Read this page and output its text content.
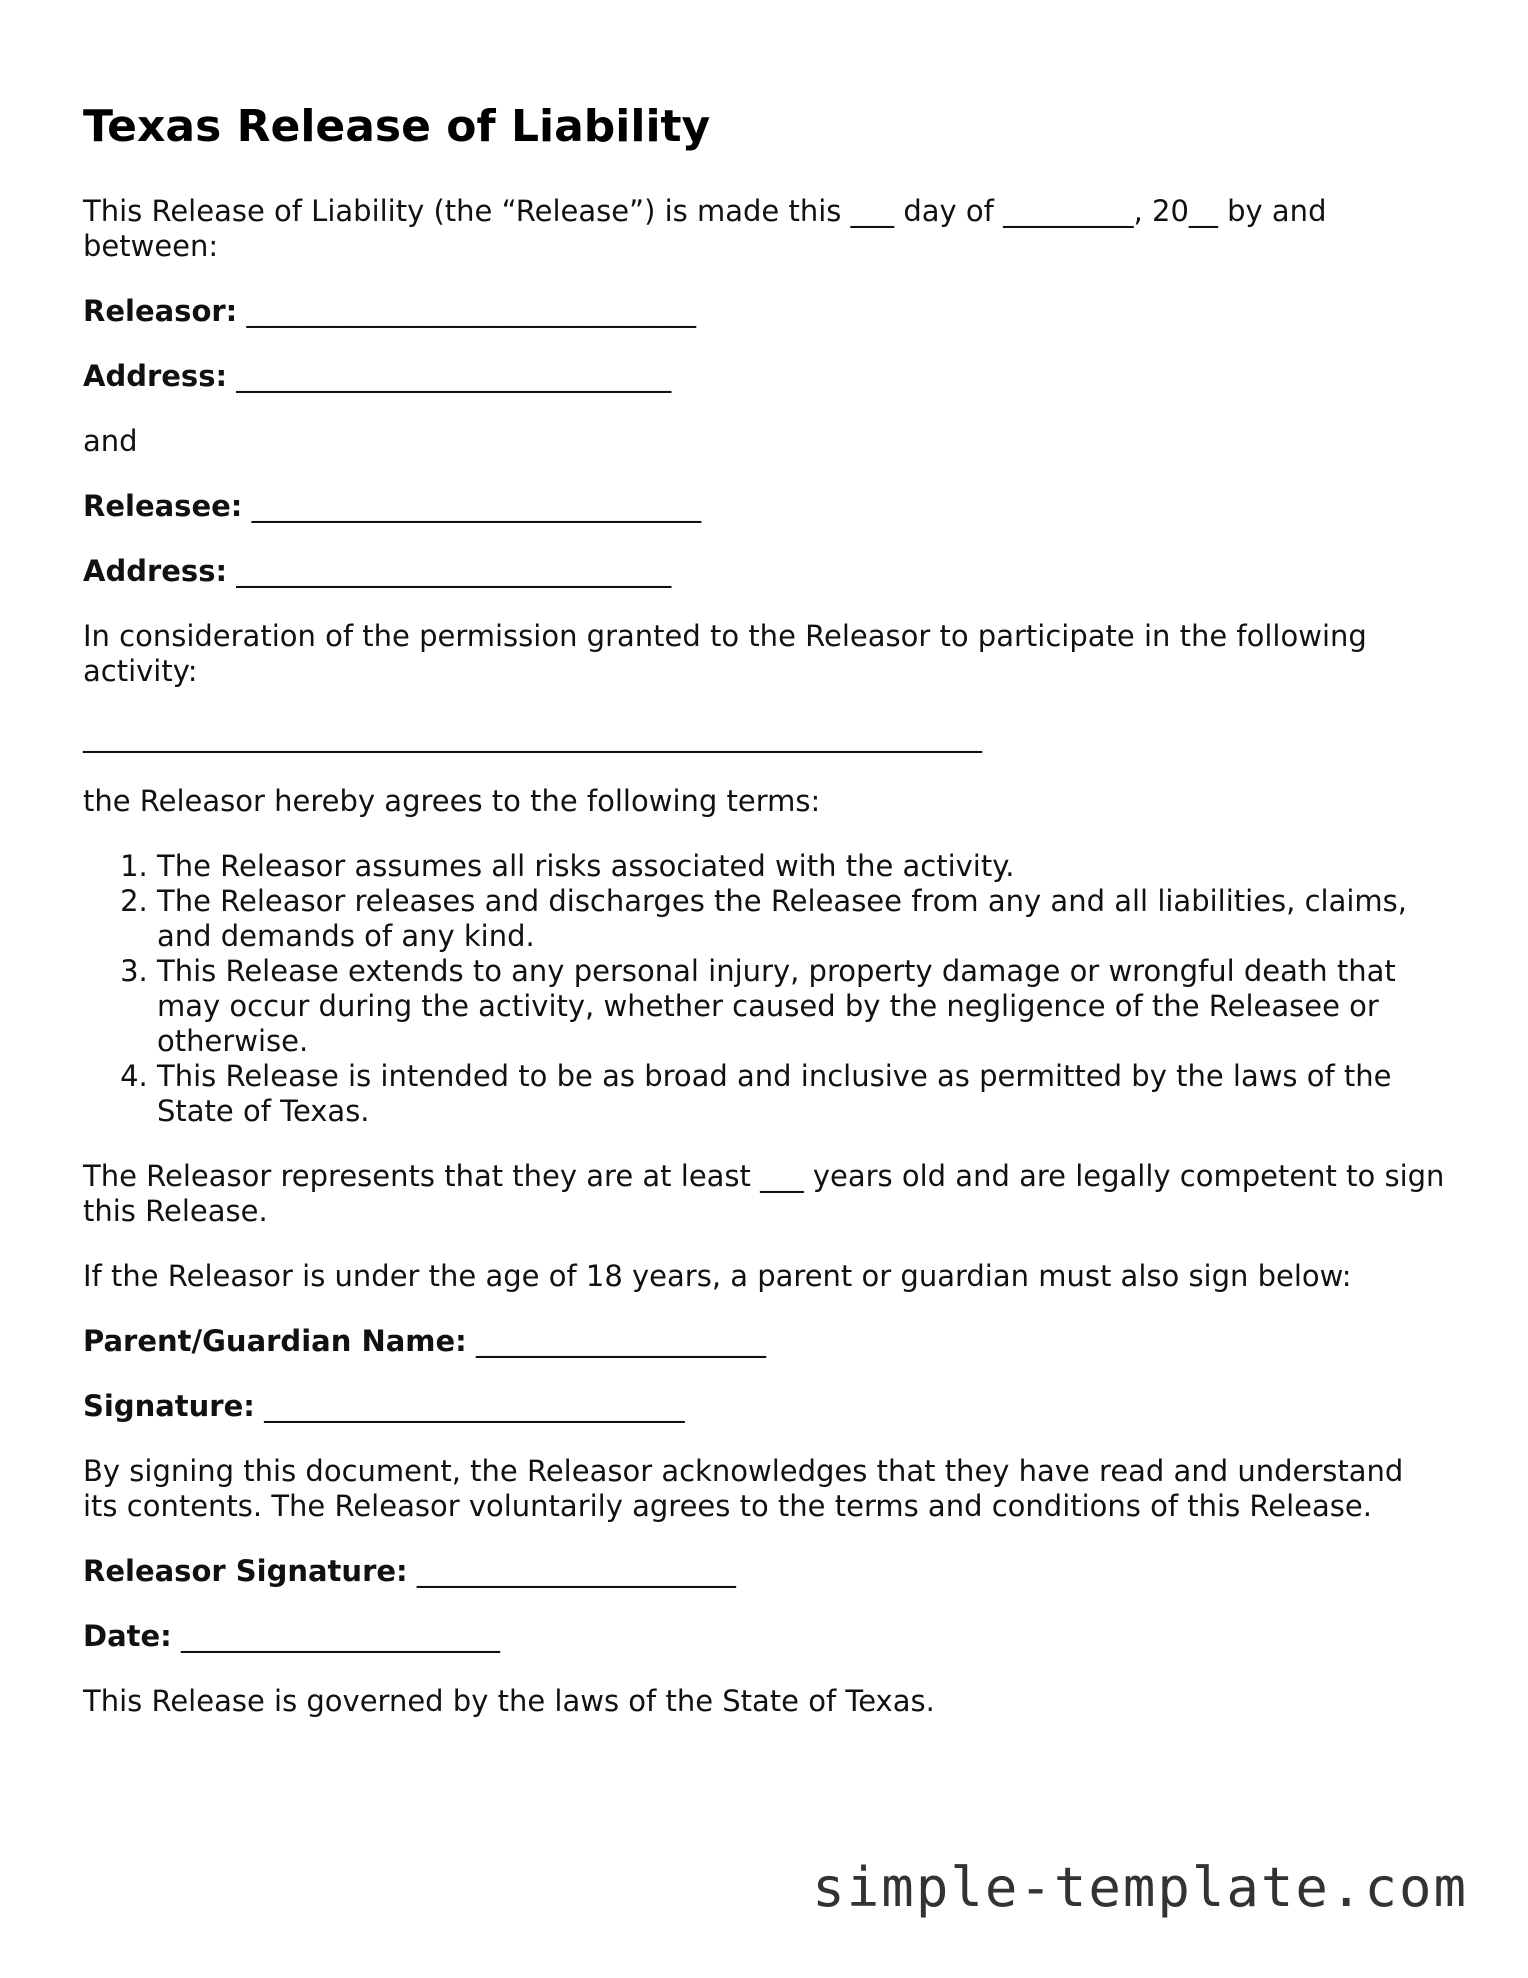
Texas Release of Liability

This Release of Liability (the “Release”) is made this ___ day of _________, 20__ by and between:

Releasor: _______________________________

Address: ______________________________

and

Releasee: _______________________________

Address: ______________________________

In consideration of the permission granted to the Releasor to participate in the following activity:

______________________________________________________________

the Releasor hereby agrees to the following terms:

1. The Releasor assumes all risks associated with the activity.
2. The Releasor releases and discharges the Releasee from any and all liabilities, claims, and demands of any kind.
3. This Release extends to any personal injury, property damage or wrongful death that may occur during the activity, whether caused by the negligence of the Releasee or otherwise.
4. This Release is intended to be as broad and inclusive as permitted by the laws of the State of Texas.

The Releasor represents that they are at least ___ years old and are legally competent to sign this Release.

If the Releasor is under the age of 18 years, a parent or guardian must also sign below:

Parent/Guardian Name: ____________________

Signature: _____________________________

By signing this document, the Releasor acknowledges that they have read and understand its contents. The Releasor voluntarily agrees to the terms and conditions of this Release.

Releasor Signature: ______________________

Date: ______________________

This Release is governed by the laws of the State of Texas.

simple-template.com
